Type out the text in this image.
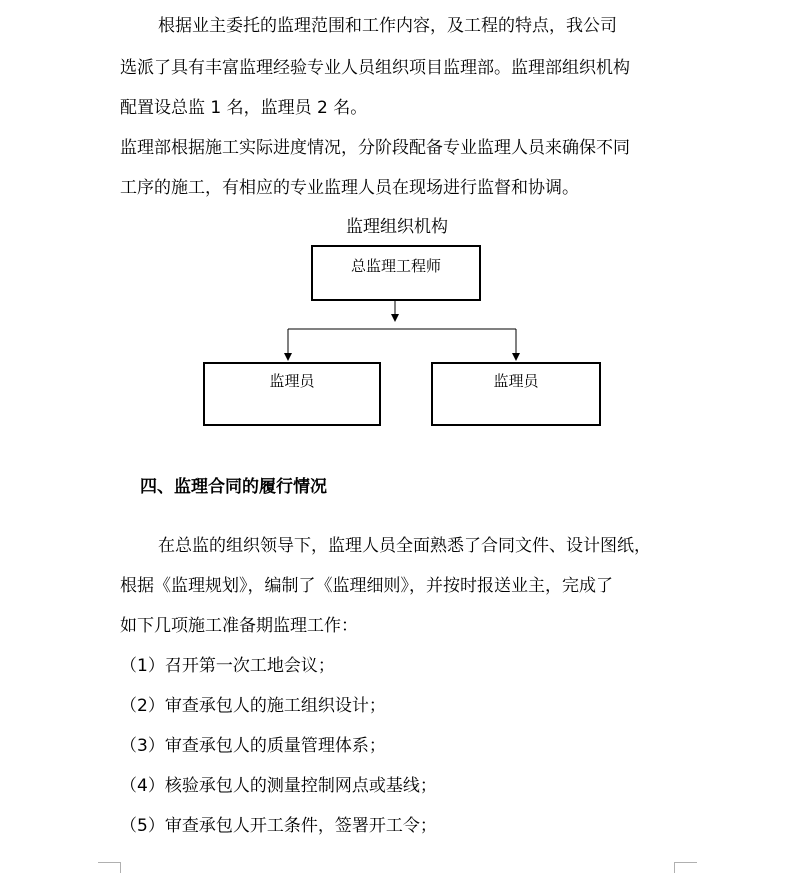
根据业主委托的监理范围和工作内容，及工程的特点，我公司
选派了具有丰富监理经验专业人员组织项目监理部。监理部组织机构
配置设总监 1 名，监理员 2 名。
监理部根据施工实际进度情况，分阶段配备专业监理人员来确保不同
工序的施工，有相应的专业监理人员在现场进行监督和协调。
监理组织机构
总监理工程师
监理员	监理员
四、监理合同的履行情况
在总监的组织领导下，监理人员全面熟悉了合同文件、设计图纸，
根据《监理规划》，编制了《监理细则》，并按时报送业主，完成了
如下几项施工准备期监理工作：
（1）召开第一次工地会议；
（2）审查承包人的施工组织设计；
（3）审查承包人的质量管理体系；
（4）核验承包人的测量控制网点或基线；
（5）审查承包人开工条件，签署开工令；
